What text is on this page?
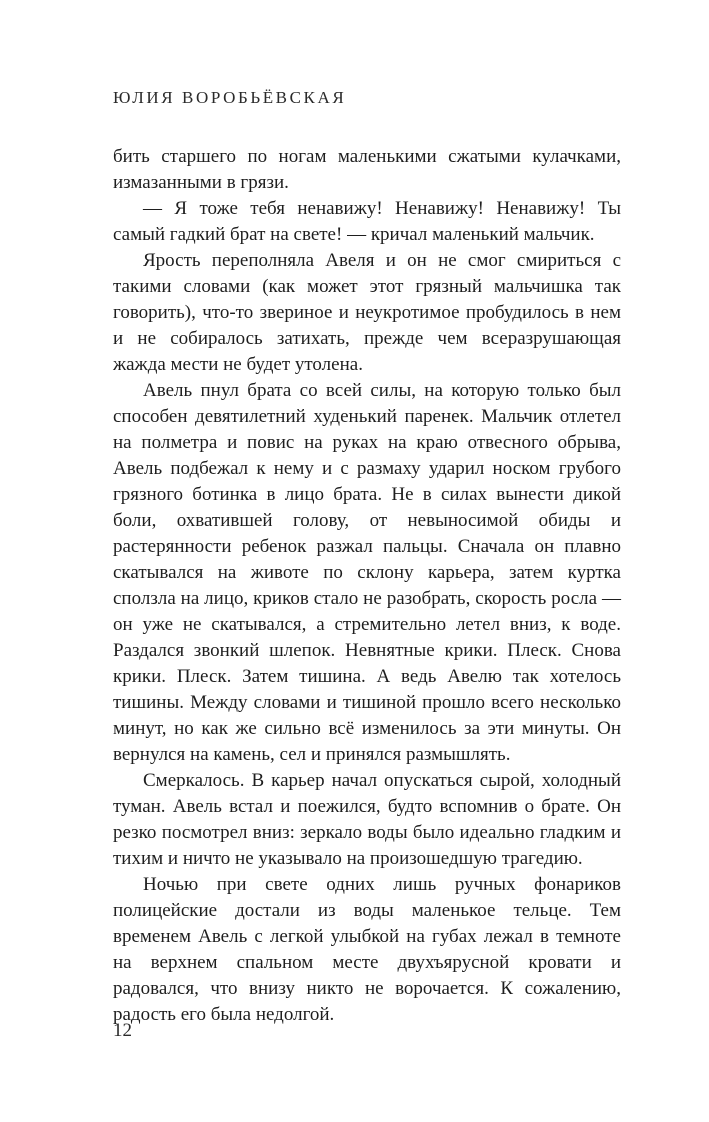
ЮЛИЯ ВОРОБЬЁВСКАЯ

бить старшего по ногам маленькими сжатыми кулачками, измазанными в грязи.

— Я тоже тебя ненавижу! Ненавижу! Ненавижу! Ты самый гадкий брат на свете! — кричал маленький мальчик.

Ярость переполняла Авеля и он не смог смириться с такими словами (как может этот грязный мальчишка так говорить), что-то звериное и неукротимое пробудилось в нем и не собиралось затихать, прежде чем всеразрушающая жажда мести не будет утолена.

Авель пнул брата со всей силы, на которую только был способен девятилетний худенький паренек. Мальчик отлетел на полметра и повис на руках на краю отвесного обрыва, Авель подбежал к нему и с размаху ударил носком грубого грязного ботинка в лицо брата. Не в силах вынести дикой боли, охватившей голову, от невыносимой обиды и растерянности ребенок разжал пальцы. Сначала он плавно скатывался на животе по склону карьера, затем куртка сползла на лицо, криков стало не разобрать, скорость росла — он уже не скатывался, а стремительно летел вниз, к воде. Раздался звонкий шлепок. Невнятные крики. Плеск. Снова крики. Плеск. Затем тишина. А ведь Авелю так хотелось тишины. Между словами и тишиной прошло всего несколько минут, но как же сильно всё изменилось за эти минуты. Он вернулся на камень, сел и принялся размышлять.

Смеркалось. В карьер начал опускаться сырой, холодный туман. Авель встал и поежился, будто вспомнив о брате. Он резко посмотрел вниз: зеркало воды было идеально гладким и тихим и ничто не указывало на произошедшую трагедию.

Ночью при свете одних лишь ручных фонариков полицейские достали из воды маленькое тельце. Тем временем Авель с легкой улыбкой на губах лежал в темноте на верхнем спальном месте двухъярусной кровати и радовался, что внизу никто не ворочается. К сожалению, радость его была недолгой.

12
